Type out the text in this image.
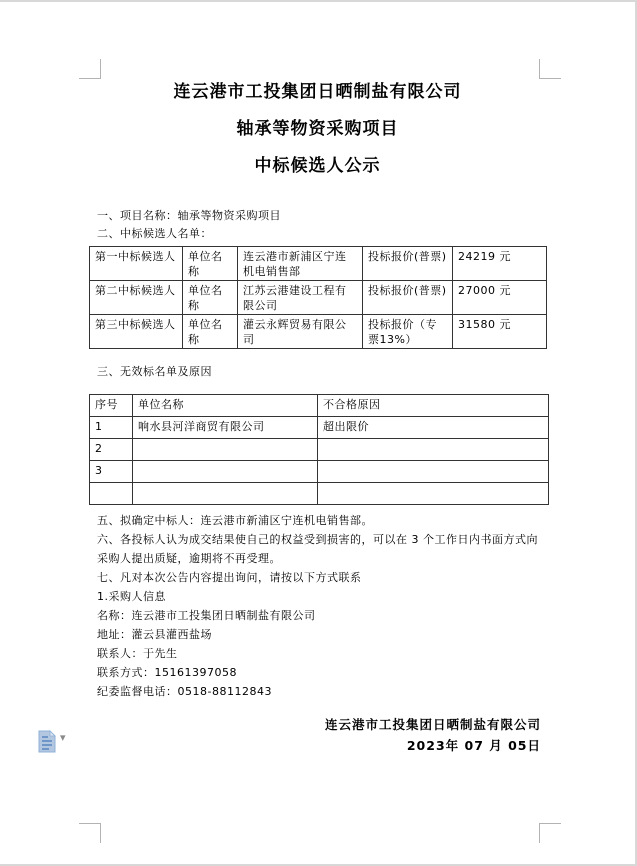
连云港市工投集团日晒制盐有限公司

轴承等物资采购项目

中标候选人公示

一、项目名称：轴承等物资采购项目
二、中标候选人名单：
第一中标候选人	单位名称	连云港市新浦区宁连机电销售部	投标报价(普票)	24219 元
第二中标候选人	单位名称	江苏云港建设工程有限公司	投标报价(普票)	27000 元
第三中标候选人	单位名称	灌云永辉贸易有限公司	投标报价（专票13%）	31580 元
三、无效标名单及原因
序号	单位名称	不合格原因
1	响水县河洋商贸有限公司	超出限价
2		
3		

五、拟确定中标人：连云港市新浦区宁连机电销售部。

六、各投标人认为成交结果使自己的权益受到损害的，可以在 3 个工作日内书面方式向采购人提出质疑，逾期将不再受理。

七、凡对本次公告内容提出询问，请按以下方式联系

1.采购人信息

名称：连云港市工投集团日晒制盐有限公司

地址：灌云县灌西盐场

联系人：于先生

联系方式：15161397058

纪委监督电话：0518-88112843

连云港市工投集团日晒制盐有限公司
2023年 07 月 05日
▾
